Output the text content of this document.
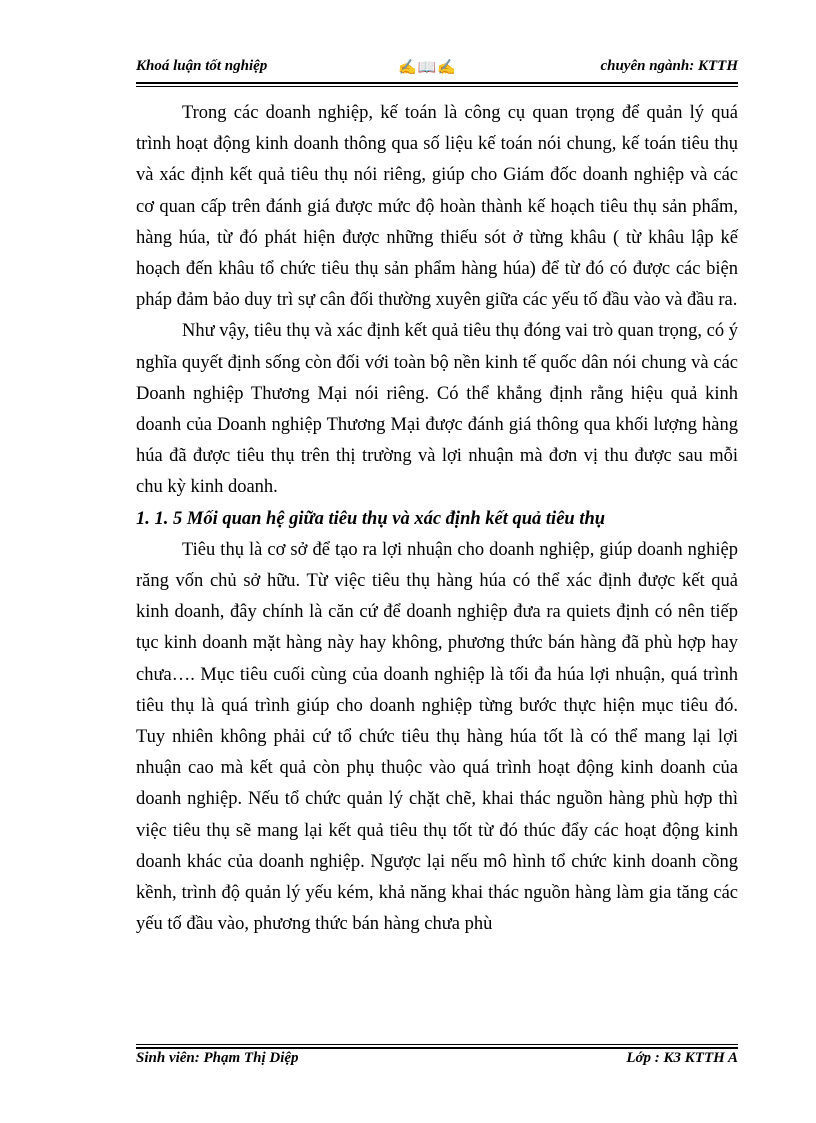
Khoá luận tốt nghiệp	✍️📖✍️	chuyên ngành: KTTH

Trong các doanh nghiệp, kế toán là công cụ quan trọng để quản lý quá trình hoạt động kinh doanh thông qua số liệu kế toán nói chung, kế toán tiêu thụ và xác định kết quả tiêu thụ nói riêng, giúp cho Giám đốc doanh nghiệp và các cơ quan cấp trên đánh giá được mức độ hoàn thành kế hoạch tiêu thụ sản phẩm, hàng húa, từ đó phát hiện được những thiếu sót ở từng khâu ( từ khâu lập kế hoạch đến khâu tổ chức tiêu thụ sản phẩm hàng húa) để từ đó có được các biện pháp đảm bảo duy trì sự cân đối thường xuyên giữa các yếu tố đầu vào và đầu ra.

Như vậy, tiêu thụ và xác định kết quả tiêu thụ đóng vai trò quan trọng, có ý nghĩa quyết định sống còn đối với toàn bộ nền kinh tế quốc dân nói chung và các Doanh nghiệp Thương Mại nói riêng. Có thể khẳng định rằng hiệu quả kinh doanh của Doanh nghiệp Thương Mại được đánh giá thông qua khối lượng hàng húa đã được tiêu thụ trên thị trường và lợi nhuận mà đơn vị thu được sau mỗi chu kỳ kinh doanh.

1. 1. 5 Mối quan hệ giữa tiêu thụ và xác định kết quả tiêu thụ

Tiêu thụ là cơ sở để tạo ra lợi nhuận cho doanh nghiệp, giúp doanh nghiệp răng vốn chủ sở hữu. Từ việc tiêu thụ hàng húa có thể xác định được kết quả kinh doanh, đây chính là căn cứ để doanh nghiệp đưa ra quiets định có nên tiếp tục kinh doanh mặt hàng này hay không, phương thức bán hàng đã phù hợp hay chưa…. Mục tiêu cuối cùng của doanh nghiệp là tối đa húa lợi nhuận, quá trình tiêu thụ là quá trình giúp cho doanh nghiệp từng bước thực hiện mục tiêu đó. Tuy nhiên không phải cứ tổ chức tiêu thụ hàng húa tốt là có thể mang lại lợi nhuận cao mà kết quả còn phụ thuộc vào quá trình hoạt động kinh doanh của doanh nghiệp. Nếu tổ chức quản lý chặt chẽ, khai thác nguồn hàng phù hợp thì việc tiêu thụ sẽ mang lại kết quả tiêu thụ tốt từ đó thúc đẩy các hoạt động kinh doanh khác của doanh nghiệp. Ngược lại nếu mô hình tổ chức kinh doanh cồng kềnh, trình độ quản lý yếu kém, khả năng khai thác nguồn hàng làm gia tăng các yếu tố đầu vào, phương thức bán hàng chưa phù

Sinh viên: Phạm Thị Diệp	Lớp : K3 KTTH A
